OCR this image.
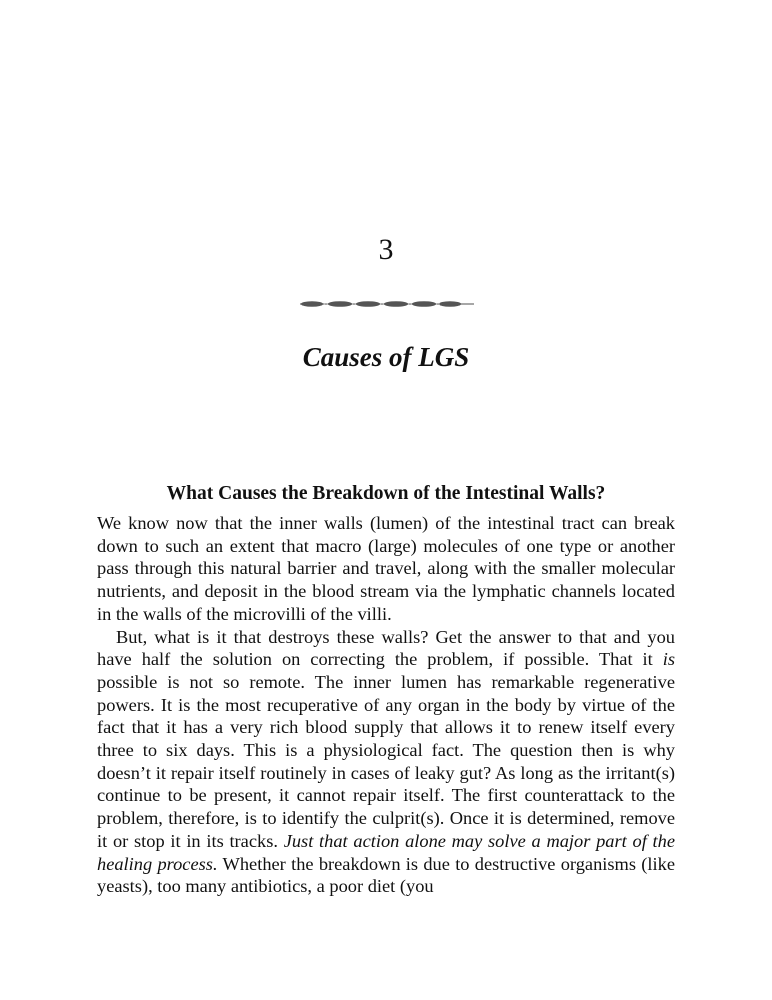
3
Causes of LGS
What Causes the Breakdown of the Intestinal Walls?

We know now that the inner walls (lumen) of the intestinal tract can break down to such an extent that macro (large) molecules of one type or another pass through this natural barrier and travel, along with the smaller molecular nutrients, and deposit in the blood stream via the lymphatic channels located in the walls of the microvilli of the villi.

But, what is it that destroys these walls? Get the answer to that and you have half the solution on correcting the problem, if possible. That it is possible is not so remote. The inner lumen has remarkable regenerative powers. It is the most recuperative of any organ in the body by virtue of the fact that it has a very rich blood supply that allows it to renew itself every three to six days. This is a physiological fact. The question then is why doesn’t it repair itself routinely in cases of leaky gut? As long as the irritant(s) continue to be present, it cannot repair itself. The first counterattack to the problem, therefore, is to identify the culprit(s). Once it is determined, remove it or stop it in its tracks. Just that action alone may solve a major part of the healing process. Whether the breakdown is due to destructive organisms (like yeasts), too many antibiotics, a poor diet (you
